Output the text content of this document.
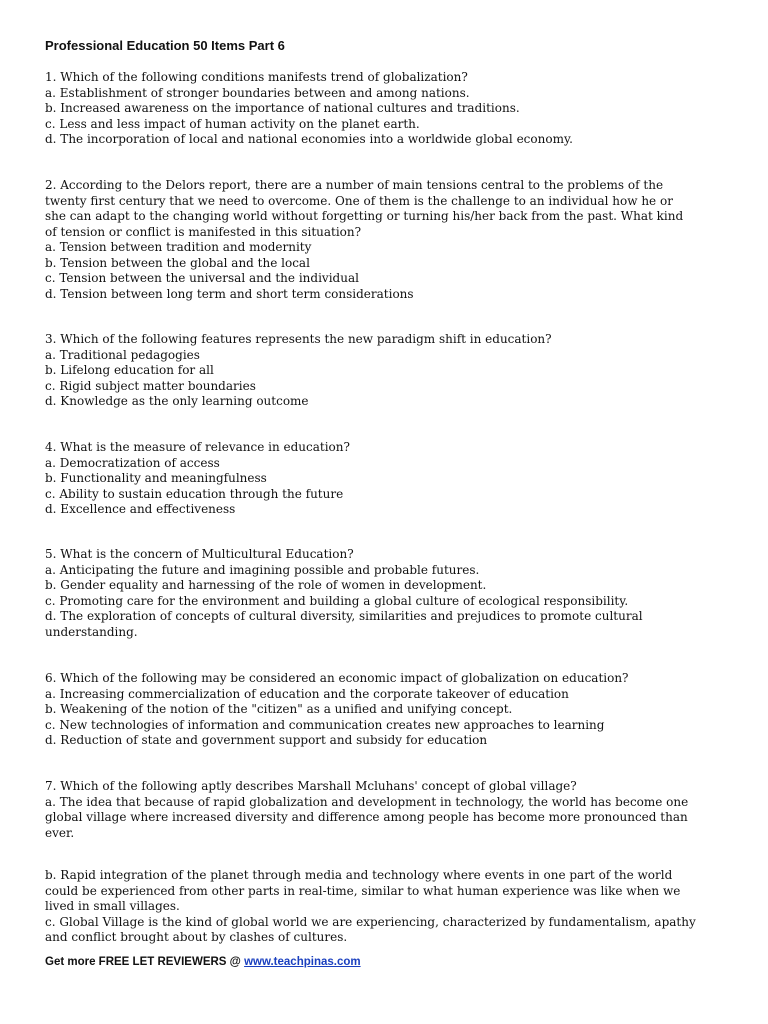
Professional Education 50 Items Part 6
1. Which of the following conditions manifests trend of globalization?
a. Establishment of stronger boundaries between and among nations.
b. Increased awareness on the importance of national cultures and traditions.
c. Less and less impact of human activity on the planet earth.
d. The incorporation of local and national economies into a worldwide global economy.
2. According to the Delors report, there are a number of main tensions central to the problems of the
twenty first century that we need to overcome. One of them is the challenge to an individual how he or
she can adapt to the changing world without forgetting or turning his/her back from the past. What kind
of tension or conflict is manifested in this situation?
a. Tension between tradition and modernity
b. Tension between the global and the local
c. Tension between the universal and the individual
d. Tension between long term and short term considerations
3. Which of the following features represents the new paradigm shift in education?
a. Traditional pedagogies
b. Lifelong education for all
c. Rigid subject matter boundaries
d. Knowledge as the only learning outcome
4. What is the measure of relevance in education?
a. Democratization of access
b. Functionality and meaningfulness
c. Ability to sustain education through the future
d. Excellence and effectiveness
5. What is the concern of Multicultural Education?
a. Anticipating the future and imagining possible and probable futures.
b. Gender equality and harnessing of the role of women in development.
c. Promoting care for the environment and building a global culture of ecological responsibility.
d. The exploration of concepts of cultural diversity, similarities and prejudices to promote cultural
understanding.
6. Which of the following may be considered an economic impact of globalization on education?
a. Increasing commercialization of education and the corporate takeover of education
b. Weakening of the notion of the "citizen" as a unified and unifying concept.
c. New technologies of information and communication creates new approaches to learning
d. Reduction of state and government support and subsidy for education
7. Which of the following aptly describes Marshall Mcluhans' concept of global village?
a. The idea that because of rapid globalization and development in technology, the world has become one
global village where increased diversity and difference among people has become more pronounced than
ever.
b. Rapid integration of the planet through media and technology where events in one part of the world
could be experienced from other parts in real-time, similar to what human experience was like when we
lived in small villages.
c. Global Village is the kind of global world we are experiencing, characterized by fundamentalism, apathy
and conflict brought about by clashes of cultures.
Get more FREE LET REVIEWERS @ www.teachpinas.com
